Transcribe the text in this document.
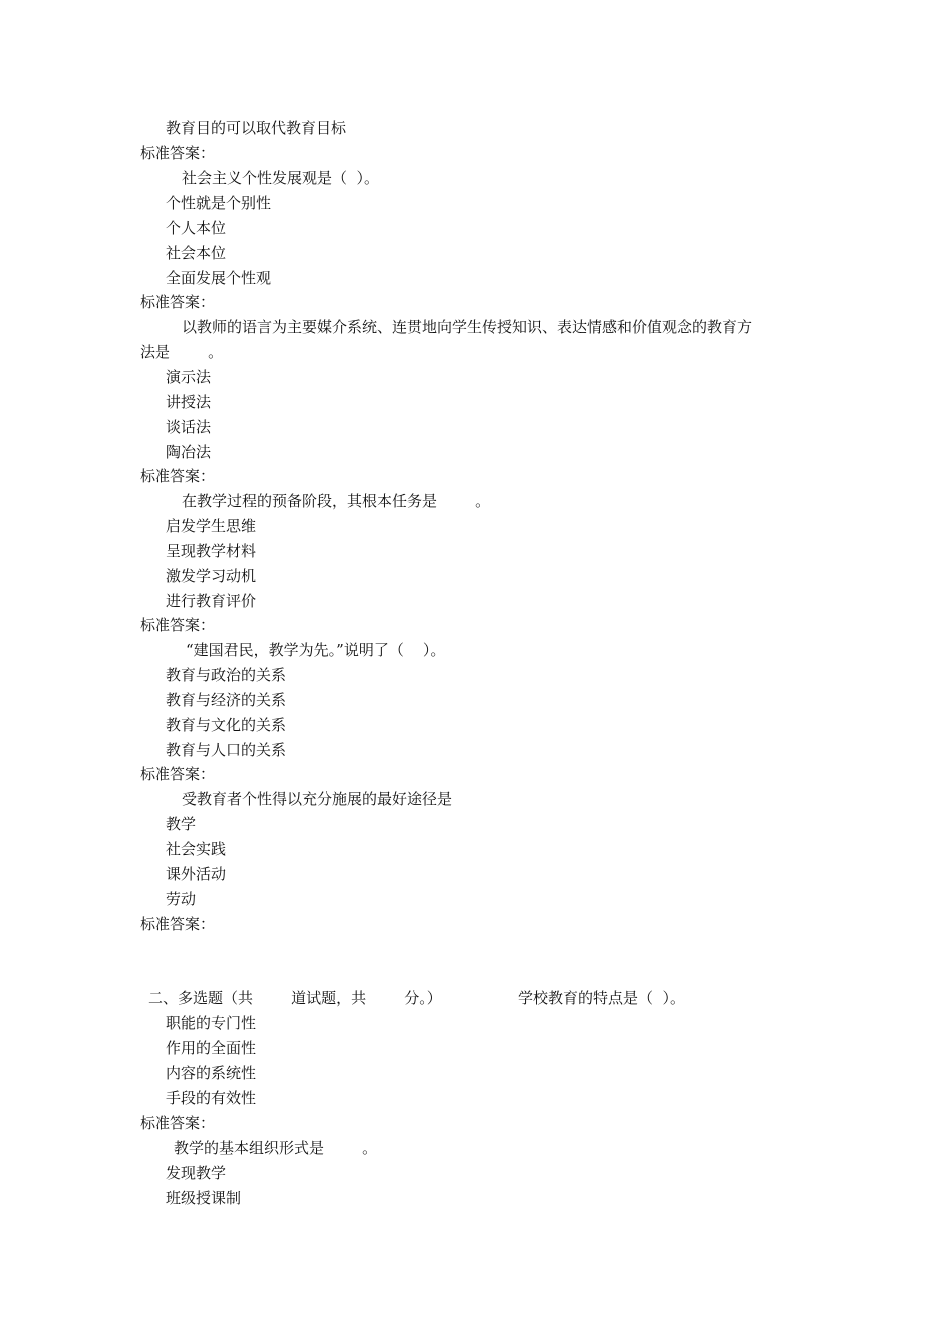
教育目的可以取代教育目标
标准答案：
社会主义个性发展观是（  ）。
个性就是个别性
个人本位
社会本位
全面发展个性观
标准答案：
以教师的语言为主要媒介系统、连贯地向学生传授知识、表达情感和价值观念的教育方
法是        。
演示法
讲授法
谈话法
陶冶法
标准答案：
在教学过程的预备阶段，其根本任务是        。
启发学生思维
呈现教学材料
激发学习动机
进行教育评价
标准答案：
“建国君民，教学为先。”说明了（    ）。
教育与政治的关系
教育与经济的关系
教育与文化的关系
教育与人口的关系
标准答案：
受教育者个性得以充分施展的最好途径是
教学
社会实践
课外活动
劳动
标准答案：
二、多选题（共        道试题，共        分。）	学校教育的特点是（  ）。
职能的专门性
作用的全面性
内容的系统性
手段的有效性
标准答案：
教学的基本组织形式是        。
发现教学
班级授课制
